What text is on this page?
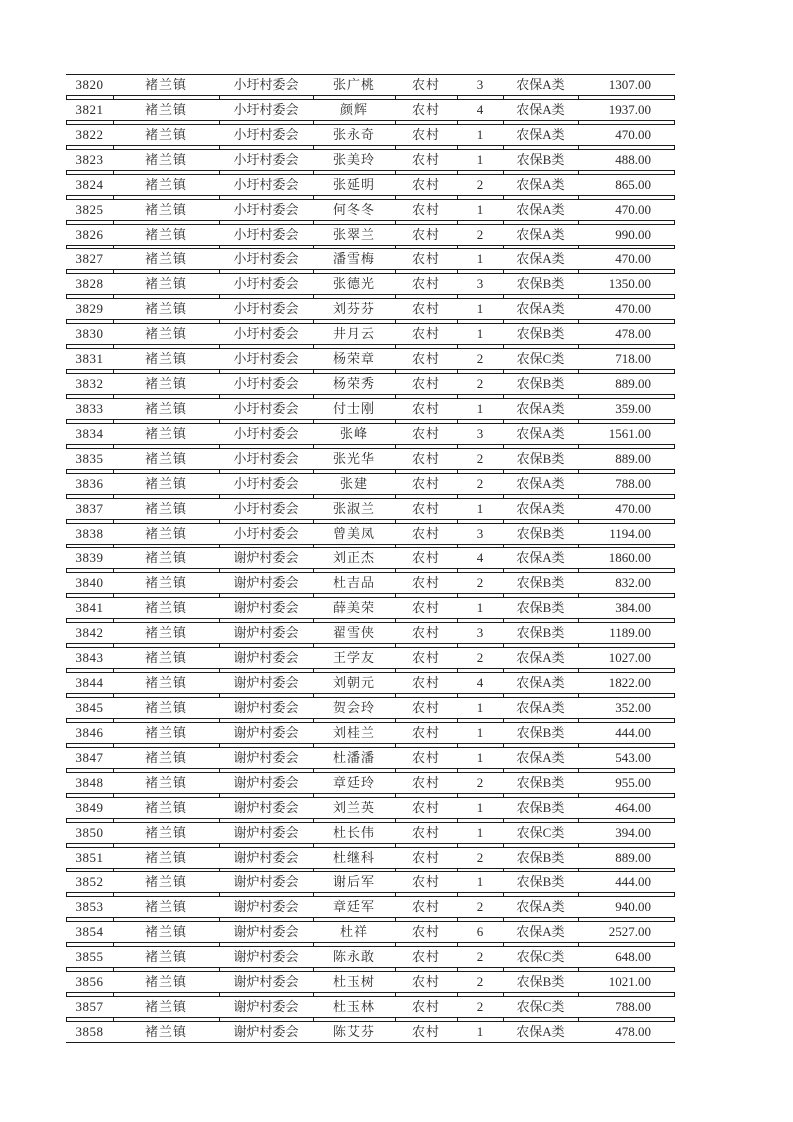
3820	褚兰镇	小圩村委会	张广桃	农村	3	农保A类	1307.00
3821	褚兰镇	小圩村委会	颜辉	农村	4	农保A类	1937.00
3822	褚兰镇	小圩村委会	张永奇	农村	1	农保A类	470.00
3823	褚兰镇	小圩村委会	张美玲	农村	1	农保B类	488.00
3824	褚兰镇	小圩村委会	张延明	农村	2	农保A类	865.00
3825	褚兰镇	小圩村委会	何冬冬	农村	1	农保A类	470.00
3826	褚兰镇	小圩村委会	张翠兰	农村	2	农保A类	990.00
3827	褚兰镇	小圩村委会	潘雪梅	农村	1	农保A类	470.00
3828	褚兰镇	小圩村委会	张德光	农村	3	农保B类	1350.00
3829	褚兰镇	小圩村委会	刘芬芬	农村	1	农保A类	470.00
3830	褚兰镇	小圩村委会	井月云	农村	1	农保B类	478.00
3831	褚兰镇	小圩村委会	杨荣章	农村	2	农保C类	718.00
3832	褚兰镇	小圩村委会	杨荣秀	农村	2	农保B类	889.00
3833	褚兰镇	小圩村委会	付士刚	农村	1	农保A类	359.00
3834	褚兰镇	小圩村委会	张峰	农村	3	农保A类	1561.00
3835	褚兰镇	小圩村委会	张光华	农村	2	农保B类	889.00
3836	褚兰镇	小圩村委会	张建	农村	2	农保A类	788.00
3837	褚兰镇	小圩村委会	张淑兰	农村	1	农保A类	470.00
3838	褚兰镇	小圩村委会	曾美凤	农村	3	农保B类	1194.00
3839	褚兰镇	谢炉村委会	刘正杰	农村	4	农保A类	1860.00
3840	褚兰镇	谢炉村委会	杜吉品	农村	2	农保B类	832.00
3841	褚兰镇	谢炉村委会	薛美荣	农村	1	农保B类	384.00
3842	褚兰镇	谢炉村委会	翟雪侠	农村	3	农保B类	1189.00
3843	褚兰镇	谢炉村委会	王学友	农村	2	农保A类	1027.00
3844	褚兰镇	谢炉村委会	刘朝元	农村	4	农保A类	1822.00
3845	褚兰镇	谢炉村委会	贺会玲	农村	1	农保A类	352.00
3846	褚兰镇	谢炉村委会	刘桂兰	农村	1	农保B类	444.00
3847	褚兰镇	谢炉村委会	杜潘潘	农村	1	农保A类	543.00
3848	褚兰镇	谢炉村委会	章廷玲	农村	2	农保B类	955.00
3849	褚兰镇	谢炉村委会	刘兰英	农村	1	农保B类	464.00
3850	褚兰镇	谢炉村委会	杜长伟	农村	1	农保C类	394.00
3851	褚兰镇	谢炉村委会	杜继科	农村	2	农保B类	889.00
3852	褚兰镇	谢炉村委会	谢后军	农村	1	农保B类	444.00
3853	褚兰镇	谢炉村委会	章廷军	农村	2	农保A类	940.00
3854	褚兰镇	谢炉村委会	杜祥	农村	6	农保A类	2527.00
3855	褚兰镇	谢炉村委会	陈永敢	农村	2	农保C类	648.00
3856	褚兰镇	谢炉村委会	杜玉树	农村	2	农保B类	1021.00
3857	褚兰镇	谢炉村委会	杜玉林	农村	2	农保C类	788.00
3858	褚兰镇	谢炉村委会	陈艾芬	农村	1	农保A类	478.00
